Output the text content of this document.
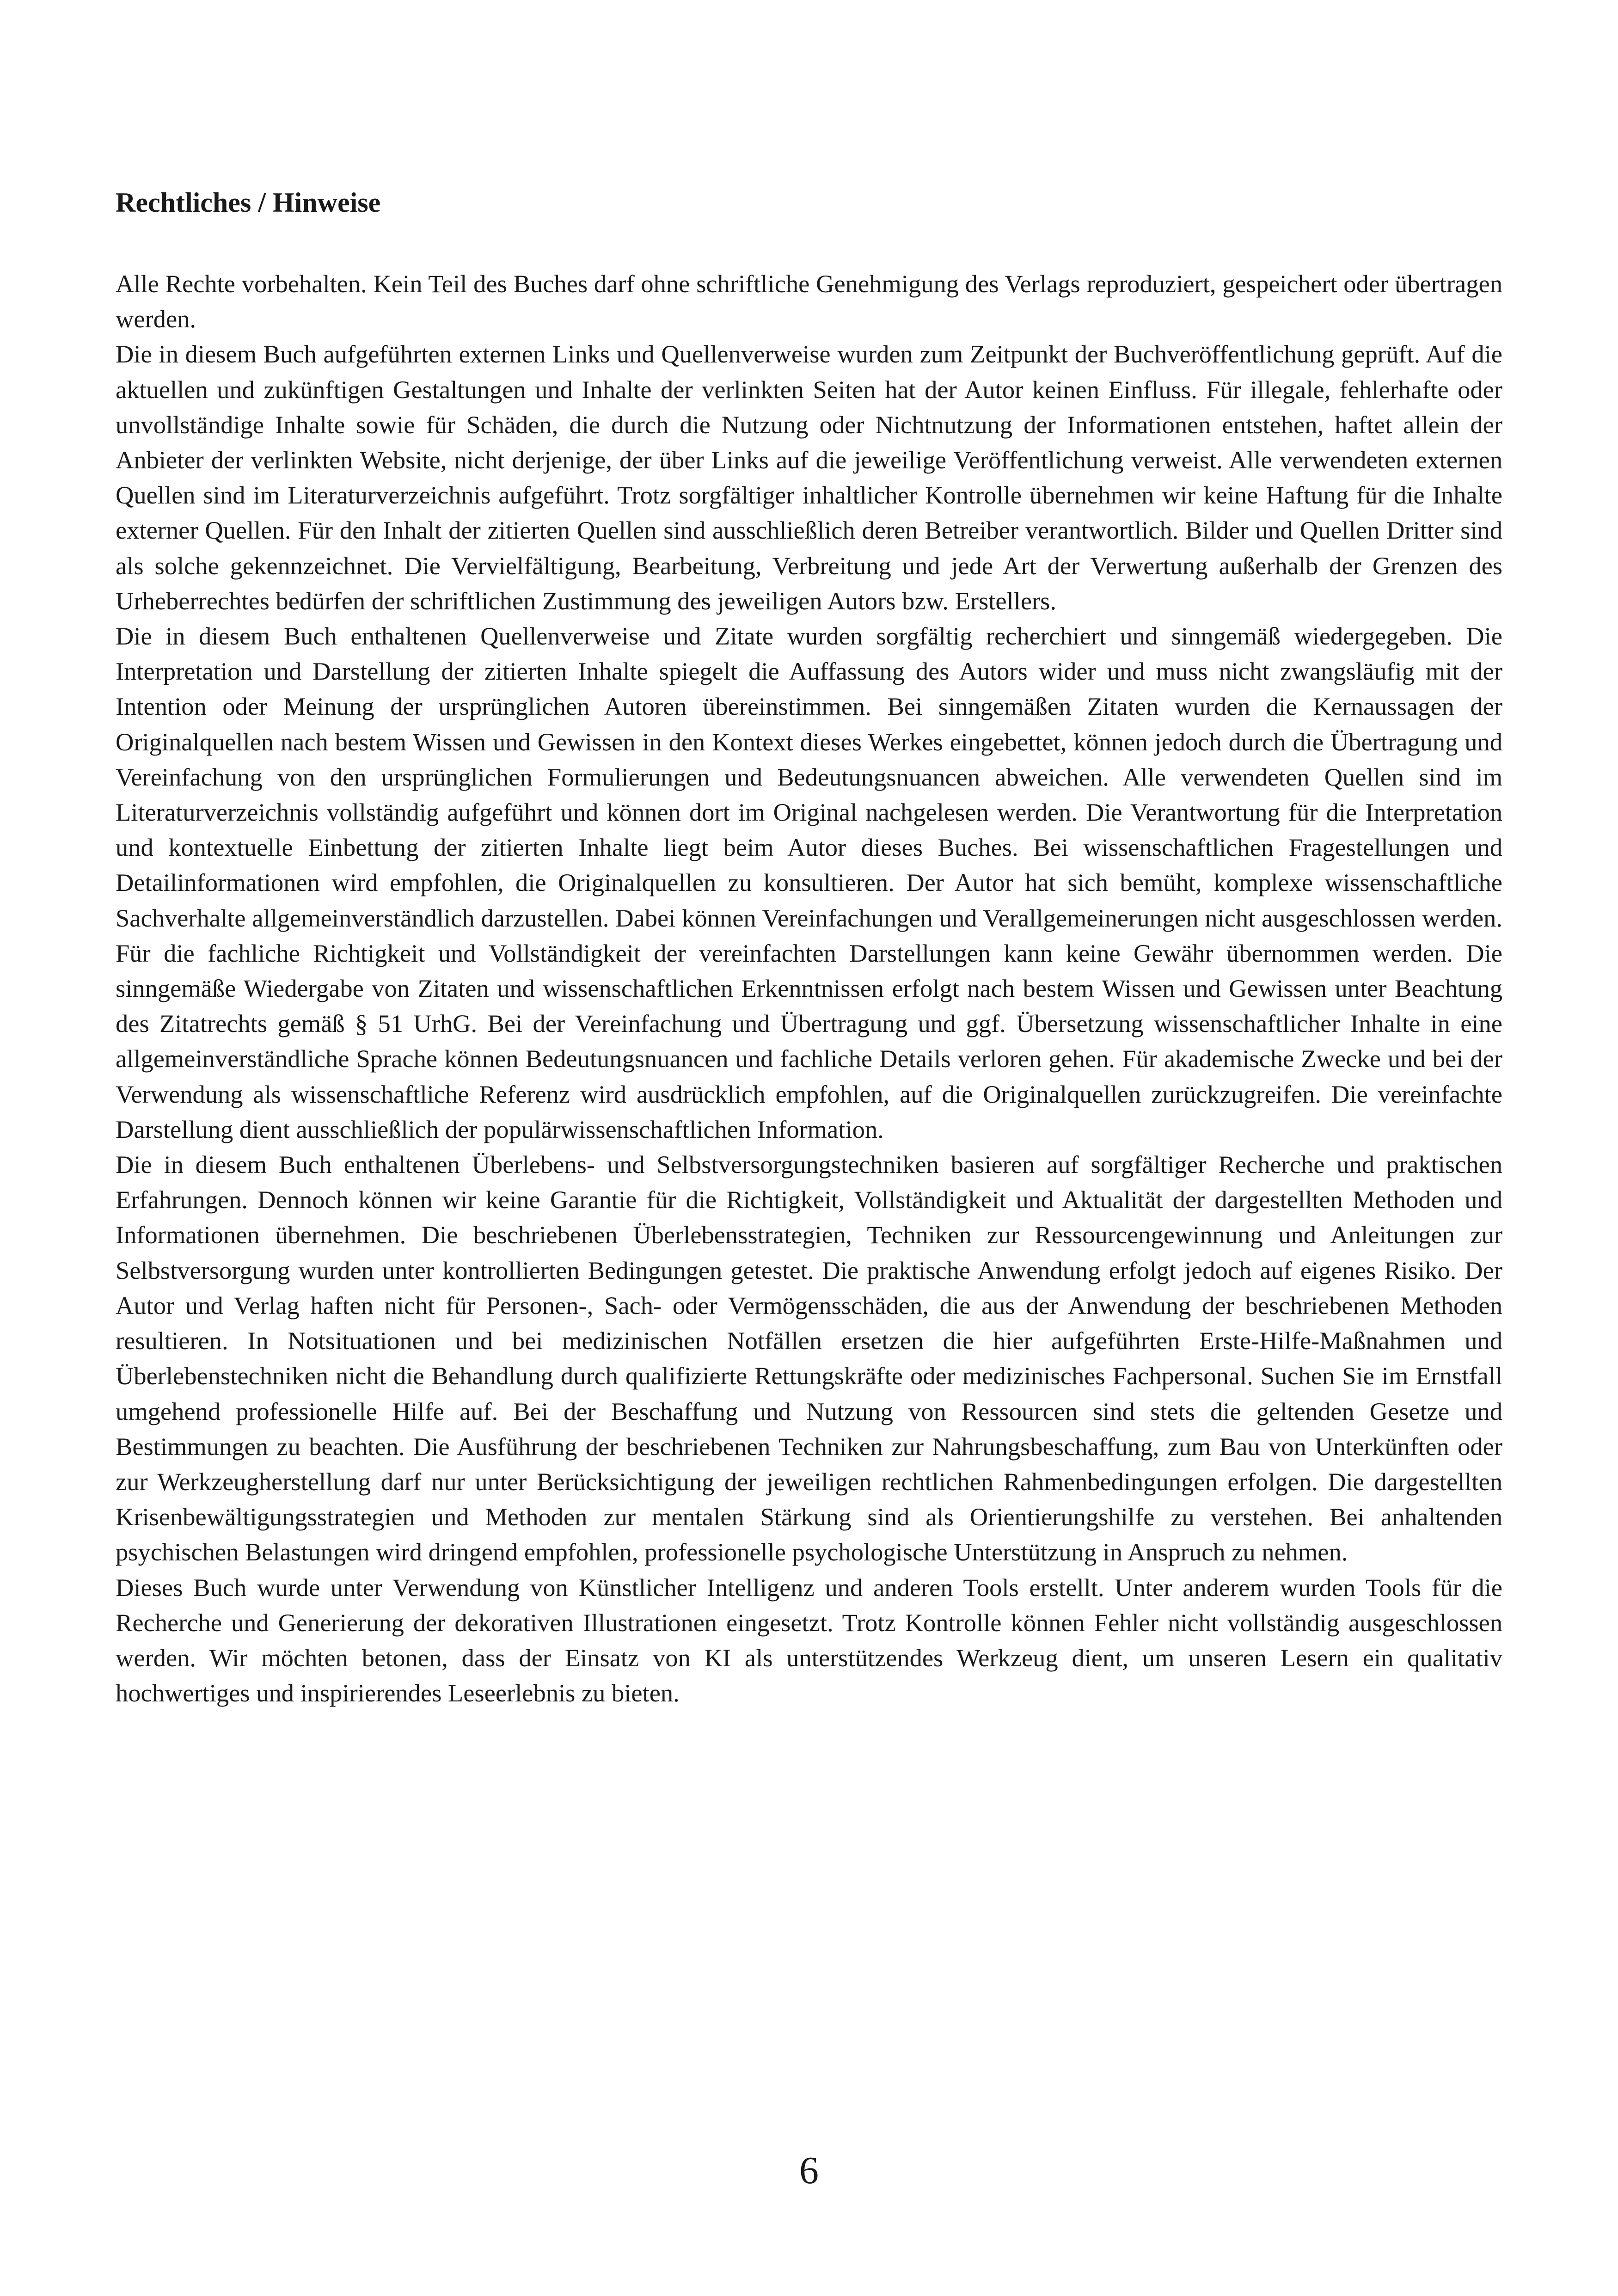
Rechtliches / Hinweise

Alle Rechte vorbehalten. Kein Teil des Buches darf ohne schriftliche Genehmigung des Verlags reproduziert, gespeichert oder übertragen werden.

Die in diesem Buch aufgeführten externen Links und Quellenverweise wurden zum Zeitpunkt der Buchveröffentlichung geprüft. Auf die aktuellen und zukünftigen Gestaltungen und Inhalte der verlinkten Seiten hat der Autor keinen Einfluss. Für illegale, fehlerhafte oder unvollständige Inhalte sowie für Schäden, die durch die Nutzung oder Nichtnutzung der Informationen entstehen, haftet allein der Anbieter der verlinkten Website, nicht derjenige, der über Links auf die jeweilige Veröffentlichung verweist. Alle verwendeten externen Quellen sind im Literaturverzeichnis aufgeführt. Trotz sorgfältiger inhaltlicher Kontrolle übernehmen wir keine Haftung für die Inhalte externer Quellen. Für den Inhalt der zitierten Quellen sind ausschließlich deren Betreiber verantwortlich. Bilder und Quellen Dritter sind als solche gekennzeichnet. Die Vervielfältigung, Bearbeitung, Verbreitung und jede Art der Verwertung außerhalb der Grenzen des Urheberrechtes bedürfen der schriftlichen Zustimmung des jeweiligen Autors bzw. Erstellers.

Die in diesem Buch enthaltenen Quellenverweise und Zitate wurden sorgfältig recherchiert und sinngemäß wiedergegeben. Die Interpretation und Darstellung der zitierten Inhalte spiegelt die Auffassung des Autors wider und muss nicht zwangsläufig mit der Intention oder Meinung der ursprünglichen Autoren übereinstimmen. Bei sinngemäßen Zitaten wurden die Kernaussagen der Originalquellen nach bestem Wissen und Gewissen in den Kontext dieses Werkes eingebettet, können jedoch durch die Übertragung und Vereinfachung von den ursprünglichen Formulierungen und Bedeutungsnuancen abweichen. Alle verwendeten Quellen sind im Literaturverzeichnis vollständig aufgeführt und können dort im Original nachgelesen werden. Die Verantwortung für die Interpretation und kontextuelle Einbettung der zitierten Inhalte liegt beim Autor dieses Buches. Bei wissenschaftlichen Fragestellungen und Detailinformationen wird empfohlen, die Originalquellen zu konsultieren. Der Autor hat sich bemüht, komplexe wissenschaftliche Sachverhalte allgemeinverständlich darzustellen. Dabei können Vereinfachungen und Verallgemeinerungen nicht ausgeschlossen werden. Für die fachliche Richtigkeit und Vollständigkeit der vereinfachten Darstellungen kann keine Gewähr übernommen werden. Die sinngemäße Wiedergabe von Zitaten und wissenschaftlichen Erkenntnissen erfolgt nach bestem Wissen und Gewissen unter Beachtung des Zitatrechts gemäß § 51 UrhG. Bei der Vereinfachung und Übertragung und ggf. Übersetzung wissenschaftlicher Inhalte in eine allgemeinverständliche Sprache können Bedeutungsnuancen und fachliche Details verloren gehen. Für akademische Zwecke und bei der Verwendung als wissenschaftliche Referenz wird ausdrücklich empfohlen, auf die Originalquellen zurückzugreifen. Die vereinfachte Darstellung dient ausschließlich der populärwissenschaftlichen Information.

Die in diesem Buch enthaltenen Überlebens- und Selbstversorgungstechniken basieren auf sorgfältiger Recherche und praktischen Erfahrungen. Dennoch können wir keine Garantie für die Richtigkeit, Vollständigkeit und Aktualität der dargestellten Methoden und Informationen übernehmen. Die beschriebenen Überlebensstrategien, Techniken zur Ressourcengewinnung und Anleitungen zur Selbstversorgung wurden unter kontrollierten Bedingungen getestet. Die praktische Anwendung erfolgt jedoch auf eigenes Risiko. Der Autor und Verlag haften nicht für Personen-, Sach- oder Vermögensschäden, die aus der Anwendung der beschriebenen Methoden resultieren. In Notsituationen und bei medizinischen Notfällen ersetzen die hier aufgeführten Erste-Hilfe-Maßnahmen und Überlebenstechniken nicht die Behandlung durch qualifizierte Rettungskräfte oder medizinisches Fachpersonal. Suchen Sie im Ernstfall umgehend professionelle Hilfe auf. Bei der Beschaffung und Nutzung von Ressourcen sind stets die geltenden Gesetze und Bestimmungen zu beachten. Die Ausführung der beschriebenen Techniken zur Nahrungsbeschaffung, zum Bau von Unterkünften oder zur Werkzeugherstellung darf nur unter Berücksichtigung der jeweiligen rechtlichen Rahmenbedingungen erfolgen. Die dargestellten Krisenbewältigungsstrategien und Methoden zur mentalen Stärkung sind als Orientierungshilfe zu verstehen. Bei anhaltenden psychischen Belastungen wird dringend empfohlen, professionelle psychologische Unterstützung in Anspruch zu nehmen.

Dieses Buch wurde unter Verwendung von Künstlicher Intelligenz und anderen Tools erstellt. Unter anderem wurden Tools für die Recherche und Generierung der dekorativen Illustrationen eingesetzt. Trotz Kontrolle können Fehler nicht vollständig ausgeschlossen werden. Wir möchten betonen, dass der Einsatz von KI als unterstützendes Werkzeug dient, um unseren Lesern ein qualitativ hochwertiges und inspirierendes Leseerlebnis zu bieten.

6
